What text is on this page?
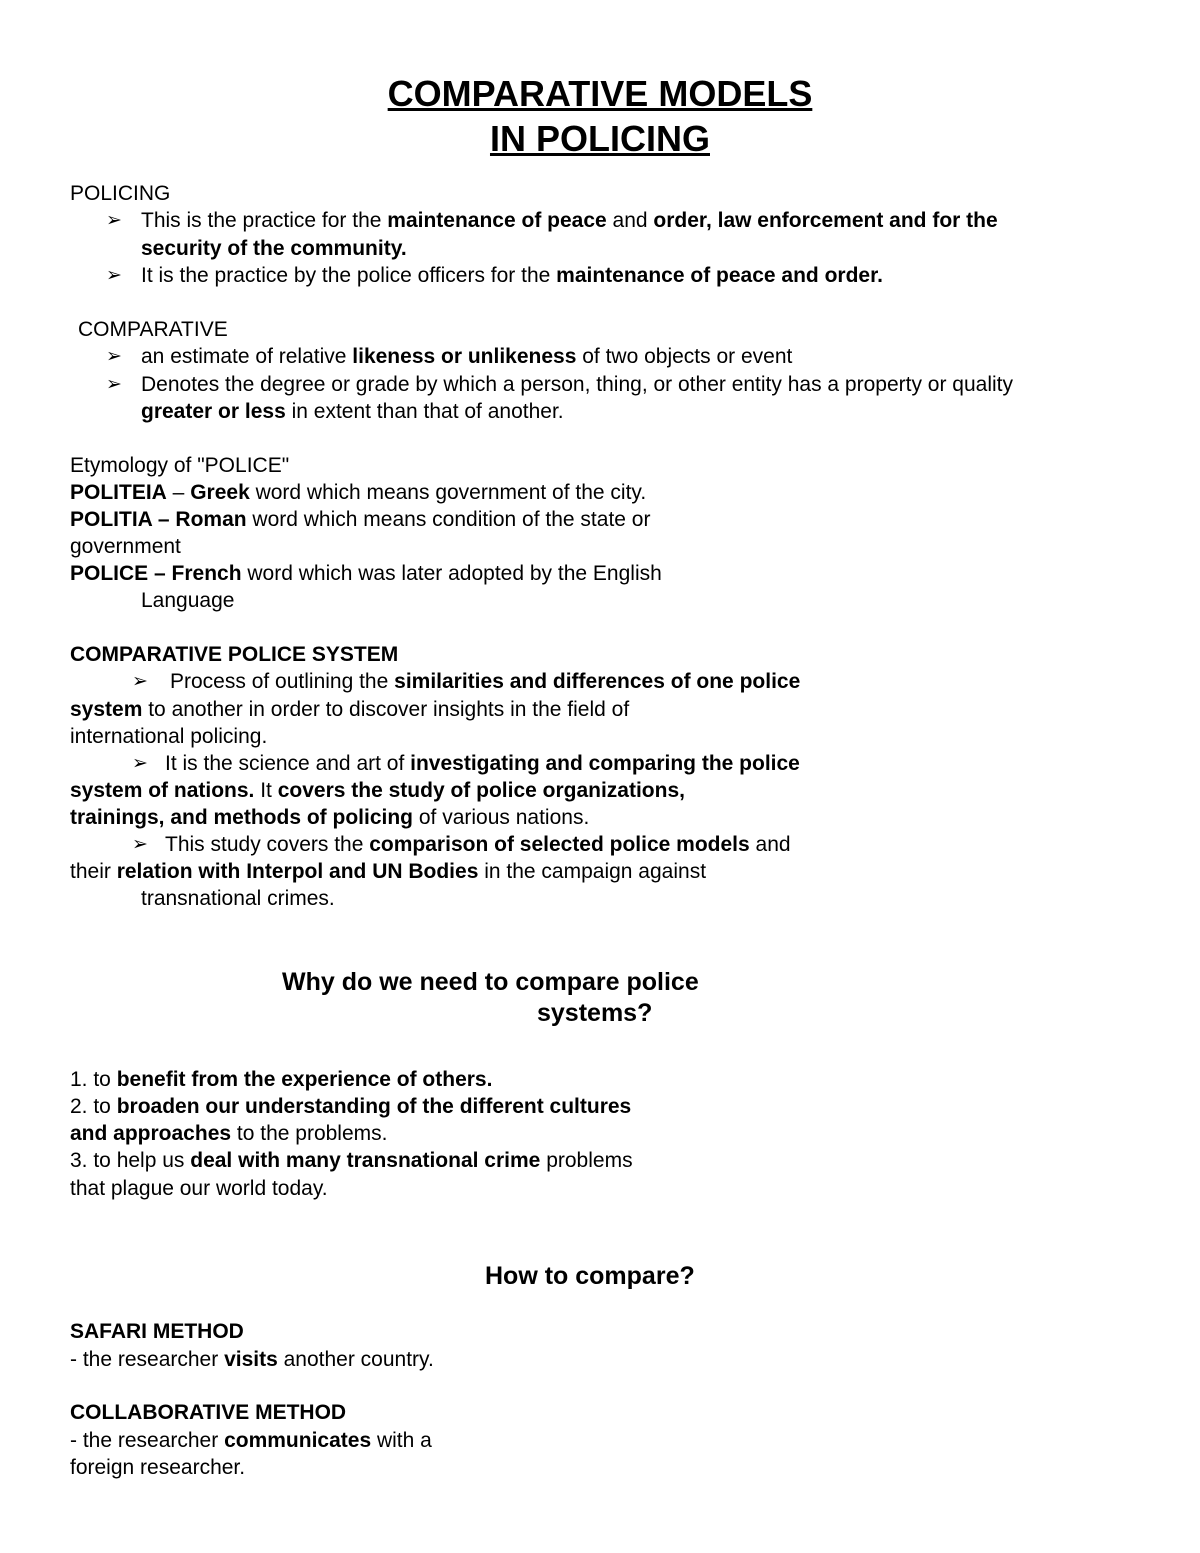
COMPARATIVE MODELS
IN POLICING
POLICING
➢ This is the practice for the maintenance of peace and order, law enforcement and for the
security of the community.
➢ It is the practice by the police officers for the maintenance of peace and order.
COMPARATIVE
➢ an estimate of relative likeness or unlikeness of two objects or event
➢ Denotes the degree or grade by which a person, thing, or other entity has a property or quality
greater or less in extent than that of another.
Etymology of "POLICE"
POLITEIA – Greek word which means government of the city.
POLITIA – Roman word which means condition of the state or
government
POLICE – French word which was later adopted by the English
Language
COMPARATIVE POLICE SYSTEM
➢ Process of outlining the similarities and differences of one police
system to another in order to discover insights in the field of
international policing.
➢ It is the science and art of investigating and comparing the police
system of nations. It covers the study of police organizations,
trainings, and methods of policing of various nations.
➢ This study covers the comparison of selected police models and
their relation with Interpol and UN Bodies in the campaign against
transnational crimes.
Why do we need to compare police
systems?
1. to benefit from the experience of others.
2. to broaden our understanding of the different cultures
and approaches to the problems.
3. to help us deal with many transnational crime problems
that plague our world today.
How to compare?
SAFARI METHOD
- the researcher visits another country.
COLLABORATIVE METHOD
- the researcher communicates with a
foreign researcher.
